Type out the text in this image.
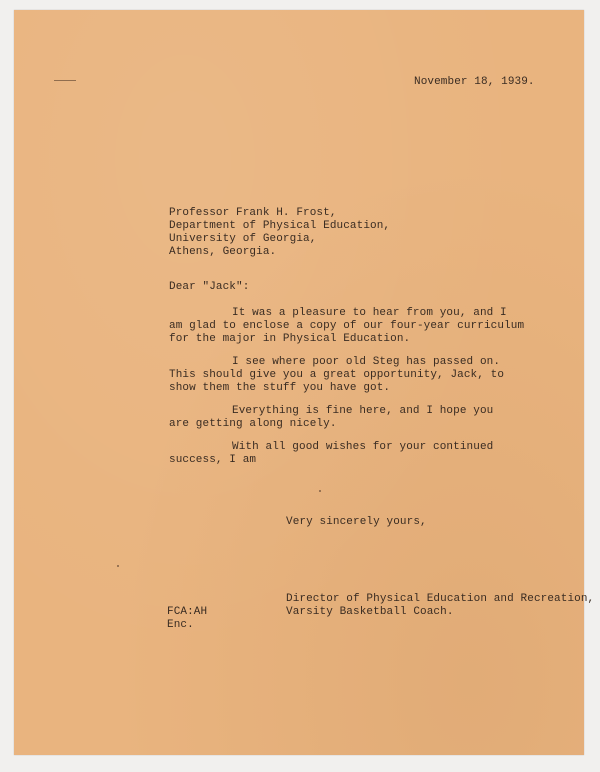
November 18, 1939.
Professor Frank H. Frost,
Department of Physical Education,
University of Georgia,
Athens, Georgia.
Dear "Jack":
It was a pleasure to hear from you, and I
am glad to enclose a copy of our four-year curriculum
for the major in Physical Education.
I see where poor old Steg has passed on.
This should give you a great opportunity, Jack, to
show them the stuff you have got.
Everything is fine here, and I hope you
are getting along nicely.
With all good wishes for your continued
success, I am
Very sincerely yours,
Director of Physical Education and Recreation,
Varsity Basketball Coach.
FCA:AH
Enc.
